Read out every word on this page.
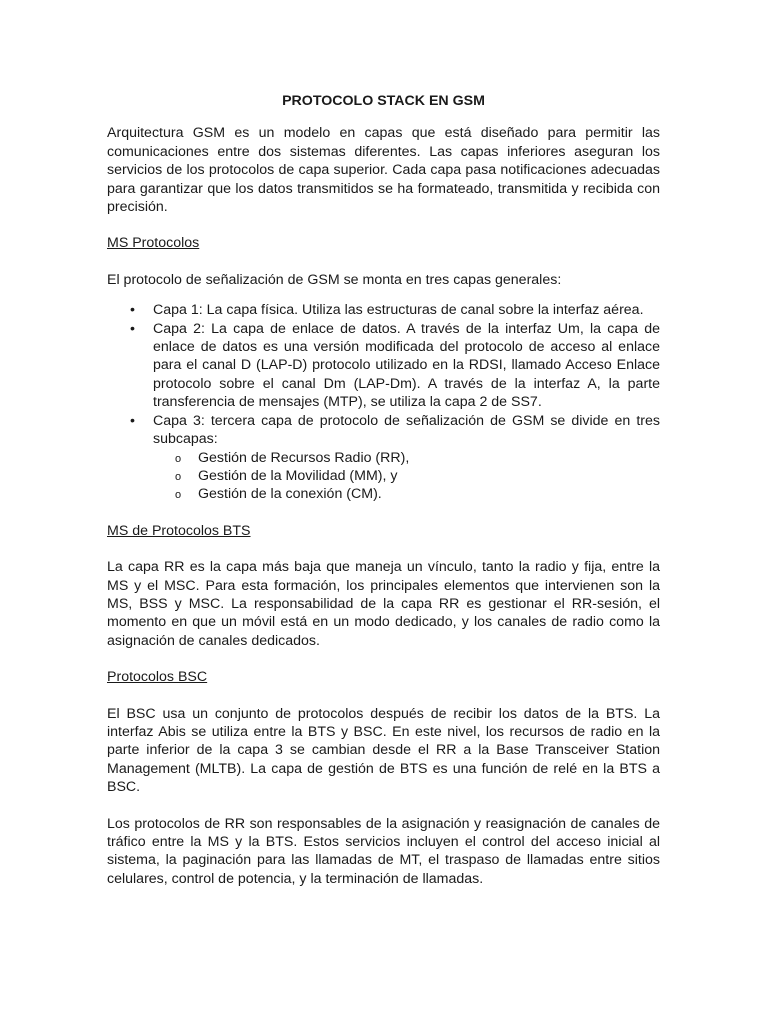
PROTOCOLO STACK EN GSM

Arquitectura GSM es un modelo en capas que está diseñado para permitir las comunicaciones entre dos sistemas diferentes. Las capas inferiores aseguran los servicios de los protocolos de capa superior. Cada capa pasa notificaciones adecuadas para garantizar que los datos transmitidos se ha formateado, transmitida y recibida con precisión.

MS Protocolos

El protocolo de señalización de GSM se monta en tres capas generales:

• Capa 1: La capa física. Utiliza las estructuras de canal sobre la interfaz aérea.
• Capa 2: La capa de enlace de datos. A través de la interfaz Um, la capa de enlace de datos es una versión modificada del protocolo de acceso al enlace para el canal D (LAP-D) protocolo utilizado en la RDSI, llamado Acceso Enlace protocolo sobre el canal Dm (LAP-Dm). A través de la interfaz A, la parte transferencia de mensajes (MTP), se utiliza la capa 2 de SS7.
• Capa 3: tercera capa de protocolo de señalización de GSM se divide en tres subcapas:
o Gestión de Recursos Radio (RR),
o Gestión de la Movilidad (MM), y
o Gestión de la conexión (CM).
MS de Protocolos BTS

La capa RR es la capa más baja que maneja un vínculo, tanto la radio y fija, entre la MS y el MSC. Para esta formación, los principales elementos que intervienen son la MS, BSS y MSC. La responsabilidad de la capa RR es gestionar el RR-sesión, el momento en que un móvil está en un modo dedicado, y los canales de radio como la asignación de canales dedicados.

Protocolos BSC

El BSC usa un conjunto de protocolos después de recibir los datos de la BTS. La interfaz Abis se utiliza entre la BTS y BSC. En este nivel, los recursos de radio en la parte inferior de la capa 3 se cambian desde el RR a la Base Transceiver Station Management (MLTB). La capa de gestión de BTS es una función de relé en la BTS a BSC.

Los protocolos de RR son responsables de la asignación y reasignación de canales de tráfico entre la MS y la BTS. Estos servicios incluyen el control del acceso inicial al sistema, la paginación para las llamadas de MT, el traspaso de llamadas entre sitios celulares, control de potencia, y la terminación de llamadas.
